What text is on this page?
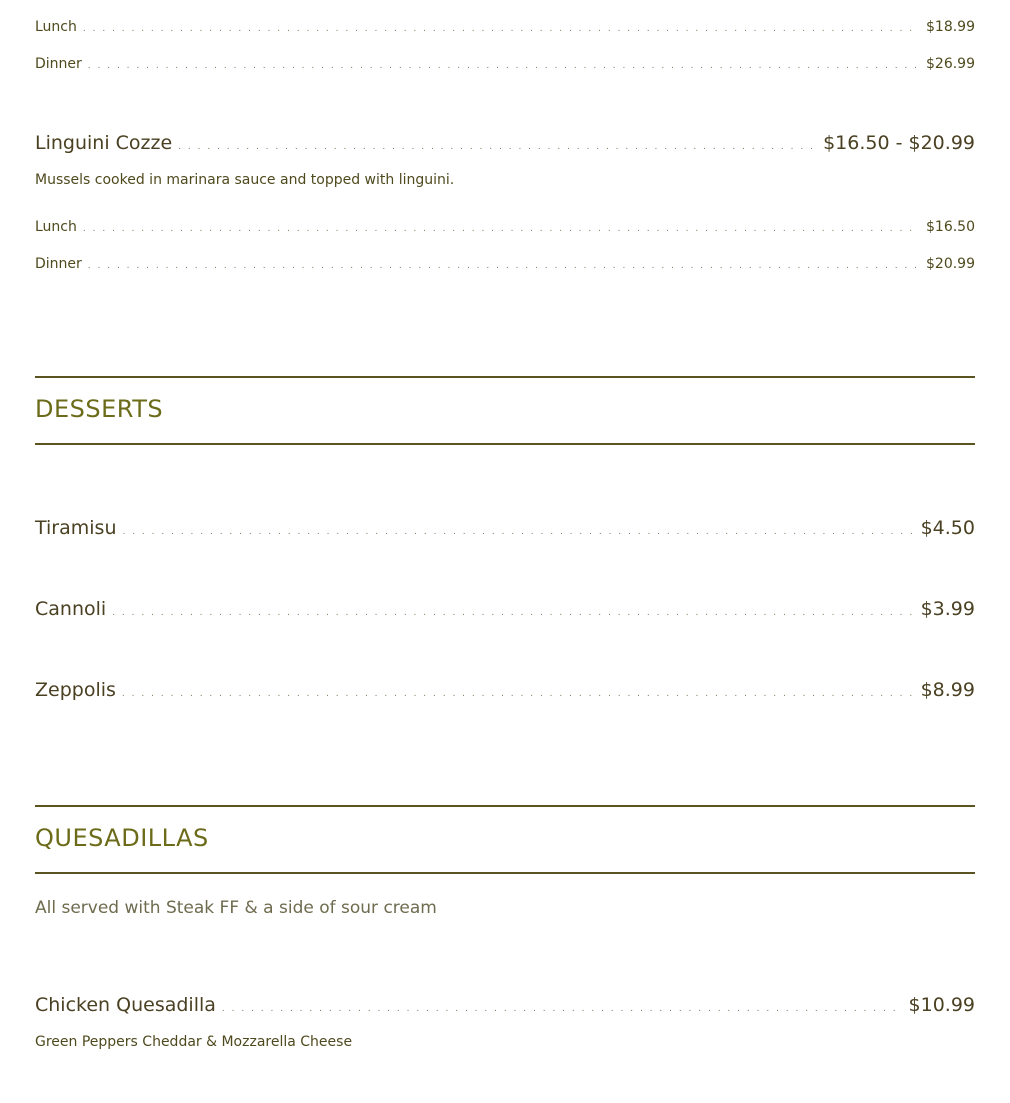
Lunch . . .	$18.99
Dinner . . .	$26.99
Linguini Cozze . . .	$16.50 - $20.99
Mussels cooked in marinara sauce and topped with linguini.
Lunch . . .	$16.50
Dinner . . .	$20.99
DESSERTS
Tiramisu . . .	$4.50
Cannoli . . .	$3.99
Zeppolis . . .	$8.99
QUESADILLAS
All served with Steak FF & a side of sour cream
Chicken Quesadilla . . .	$10.99
Green Peppers Cheddar & Mozzarella Cheese
